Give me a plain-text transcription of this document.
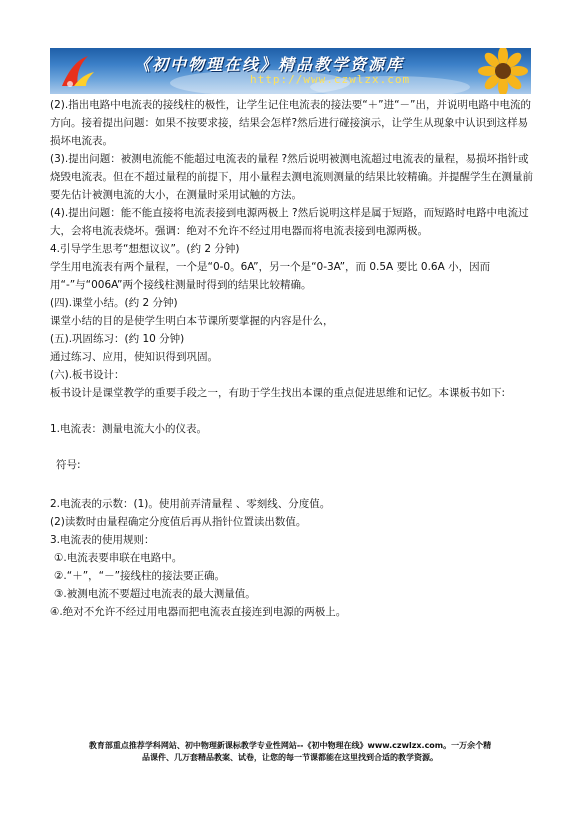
《初中物理在线》精品教学资源库
http://www.czwlzx.com

(2).指出电路中电流表的接线柱的极性，让学生记住电流表的接法要“＋”进“－”出，并说明电路中电流的方向。接着提出问题：如果不按要求接，结果会怎样?然后进行碰接演示，让学生从现象中认识到这样易损坏电流表。

(3).提出问题：被测电流能不能超过电流表的量程 ?然后说明被测电流超过电流表的量程，易损坏指针或烧毁电流表。但在不超过量程的前提下，用小量程去测电流则测量的结果比较精确。并提醒学生在测量前要先估计被测电流的大小，在测量时采用试触的方法。

(4).提出问题：能不能直接将电流表接到电源两极上 ?然后说明这样是属于短路，而短路时电路中电流过大，会将电流表烧坏。强调：绝对不允许不经过用电器而将电流表接到电源两极。

4.引导学生思考“想想议议”。(约 2 分钟)

学生用电流表有两个量程，一个是“0-0。6A”，另一个是“0-3A”，而 0.5A 要比 0.6A 小，因而用“-”与“006A”两个接线柱测量时得到的结果比较精确。

(四).课堂小结。(约 2 分钟)

课堂小结的目的是使学生明白本节课所要掌握的内容是什么，

(五).巩固练习：(约 10 分钟)

通过练习、应用，使知识得到巩固。

(六).板书设计：

板书设计是课堂教学的重要手段之一，有助于学生找出本课的重点促进思维和记忆。本课板书如下:

1.电流表：测量电流大小的仪表。

符号:

2.电流表的示数：(1)。使用前弄清量程 、零刻线、分度值。

(2)读数时由量程确定分度值后再从指针位置读出数值。

3.电流表的使用规则：

①.电流表要串联在电路中。

②.“＋”，“－”接线柱的接法要正确。

③.被测电流不要超过电流表的最大测量值。

④.绝对不允许不经过用电器而把电流表直接连到电源的两极上。

教育部重点推荐学科网站、初中物理新课标教学专业性网站--《初中物理在线》www.czwlzx.com。一万余个精
品课件、几万套精品教案、试卷，让您的每一节课都能在这里找到合适的教学资源。
